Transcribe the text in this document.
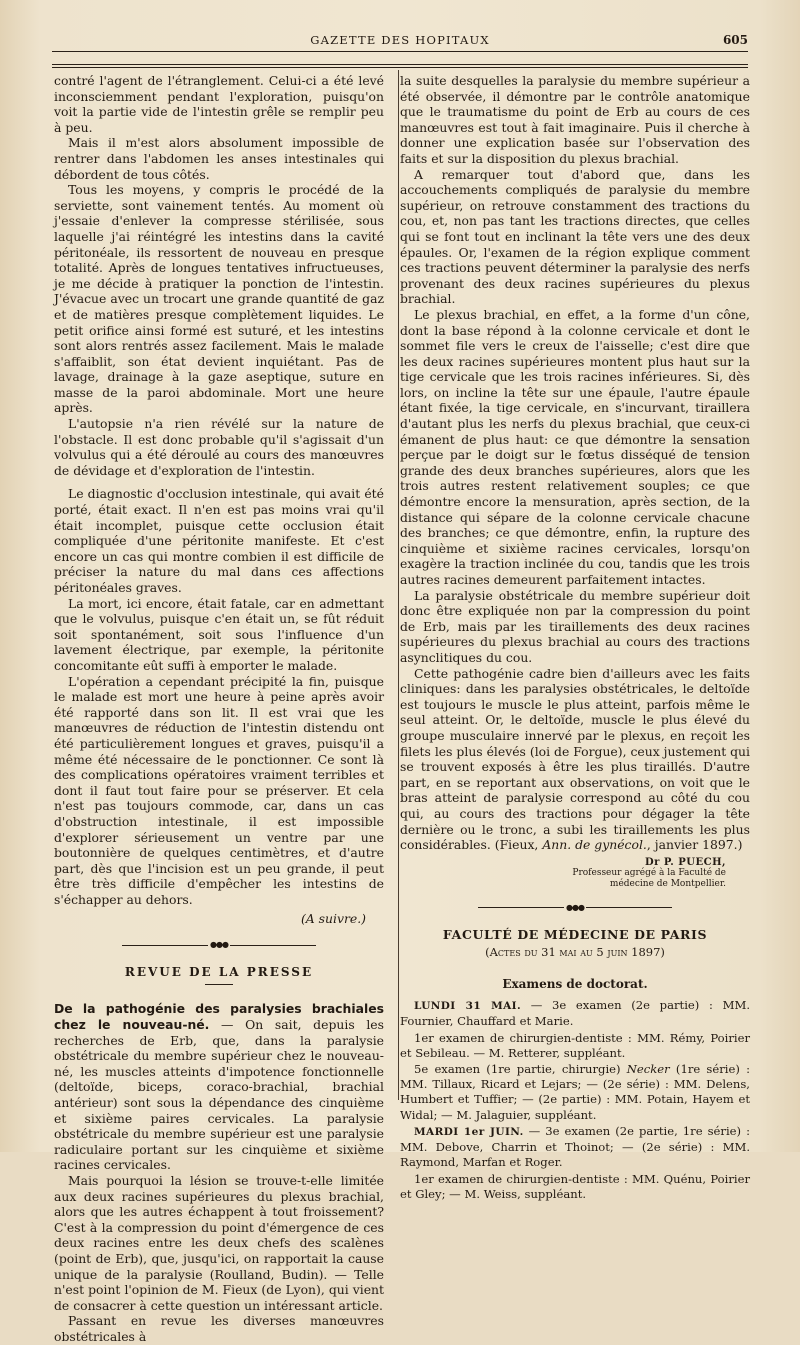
GAZETTE DES HOPITAUX	605

contré l'agent de l'étranglement. Celui-ci a été levé inconsciemment pendant l'exploration, puisqu'on voit la partie vide de l'intestin grêle se remplir peu à peu.

Mais il m'est alors absolument impossible de rentrer dans l'abdomen les anses intestinales qui débordent de tous côtés.

Tous les moyens, y compris le procédé de la serviette, sont vainement tentés. Au moment où j'essaie d'enlever la compresse stérilisée, sous laquelle j'ai réintégré les intestins dans la cavité péritonéale, ils ressortent de nouveau en presque totalité. Après de longues tentatives infructueuses, je me décide à pratiquer la ponction de l'intestin. J'évacue avec un trocart une grande quantité de gaz et de matières presque complètement liquides. Le petit orifice ainsi formé est suturé, et les intestins sont alors rentrés assez facilement. Mais le malade s'affaiblit, son état devient inquiétant. Pas de lavage, drainage à la gaze aseptique, suture en masse de la paroi abdominale. Mort une heure après.

L'autopsie n'a rien révélé sur la nature de l'obstacle. Il est donc probable qu'il s'agissait d'un volvulus qui a été déroulé au cours des manœuvres de dévidage et d'exploration de l'intestin.

Le diagnostic d'occlusion intestinale, qui avait été porté, était exact. Il n'en est pas moins vrai qu'il était incomplet, puisque cette occlusion était compliquée d'une péritonite manifeste. Et c'est encore un cas qui montre combien il est difficile de préciser la nature du mal dans ces affections péritonéales graves.

La mort, ici encore, était fatale, car en admettant que le volvulus, puisque c'en était un, se fût réduit soit spontanément, soit sous l'influence d'un lavement électrique, par exemple, la péritonite concomitante eût suffi à emporter le malade.

L'opération a cependant précipité la fin, puisque le malade est mort une heure à peine après avoir été rapporté dans son lit. Il est vrai que les manœuvres de réduction de l'intestin distendu ont été particulièrement longues et graves, puisqu'il a même été nécessaire de le ponctionner. Ce sont là des complications opératoires vraiment terribles et dont il faut tout faire pour se préserver. Et cela n'est pas toujours commode, car, dans un cas d'obstruction intestinale, il est impossible d'explorer sérieusement un ventre par une boutonnière de quelques centimètres, et d'autre part, dès que l'incision est un peu grande, il peut être très difficile d'empêcher les intestins de s'échapper au dehors.

(A suivre.)
●●●
REVUE DE LA PRESSE

De la pathogénie des paralysies brachiales chez le nouveau-né. — On sait, depuis les recherches de Erb, que, dans la paralysie obstétricale du membre supérieur chez le nouveau-né, les muscles atteints d'impotence fonctionnelle (deltoïde, biceps, coraco-brachial, brachial antérieur) sont sous la dépendance des cinquième et sixième paires cervicales. La paralysie obstétricale du membre supérieur est une paralysie radiculaire portant sur les cinquième et sixième racines cervicales.

Mais pourquoi la lésion se trouve-t-elle limitée aux deux racines supérieures du plexus brachial, alors que les autres échappent à tout froissement? C'est à la compression du point d'émergence de ces deux racines entre les deux chefs des scalènes (point de Erb), que, jusqu'ici, on rapportait la cause unique de la paralysie (Roulland, Budin). — Telle n'est point l'opinion de M. Fieux (de Lyon), qui vient de consacrer à cette question un intéressant article.

Passant en revue les diverses manœuvres obstétricales à

la suite desquelles la paralysie du membre supérieur a été observée, il démontre par le contrôle anatomique que le traumatisme du point de Erb au cours de ces manœuvres est tout à fait imaginaire. Puis il cherche à donner une explication basée sur l'observation des faits et sur la disposition du plexus brachial.

A remarquer tout d'abord que, dans les accouchements compliqués de paralysie du membre supérieur, on retrouve constamment des tractions du cou, et, non pas tant les tractions directes, que celles qui se font tout en inclinant la tête vers une des deux épaules. Or, l'examen de la région explique comment ces tractions peuvent déterminer la paralysie des nerfs provenant des deux racines supérieures du plexus brachial.

Le plexus brachial, en effet, a la forme d'un cône, dont la base répond à la colonne cervicale et dont le sommet file vers le creux de l'aisselle; c'est dire que les deux racines supérieures montent plus haut sur la tige cervicale que les trois racines inférieures. Si, dès lors, on incline la tête sur une épaule, l'autre épaule étant fixée, la tige cervicale, en s'incurvant, tiraillera d'autant plus les nerfs du plexus brachial, que ceux-ci émanent de plus haut: ce que démontre la sensation perçue par le doigt sur le fœtus disséqué de tension grande des deux branches supérieures, alors que les trois autres restent relativement souples; ce que démontre encore la mensuration, après section, de la distance qui sépare de la colonne cervicale chacune des branches; ce que démontre, enfin, la rupture des cinquième et sixième racines cervicales, lorsqu'on exagère la traction inclinée du cou, tandis que les trois autres racines demeurent parfaitement intactes.

La paralysie obstétricale du membre supérieur doit donc être expliquée non par la compression du point de Erb, mais par les tiraillements des deux racines supérieures du plexus brachial au cours des tractions asynclitiques du cou.

Cette pathogénie cadre bien d'ailleurs avec les faits cliniques: dans les paralysies obstétricales, le deltoïde est toujours le muscle le plus atteint, parfois même le seul atteint. Or, le deltoïde, muscle le plus élevé du groupe musculaire innervé par le plexus, en reçoit les filets les plus élevés (loi de Forgue), ceux justement qui se trouvent exposés à être les plus tiraillés. D'autre part, en se reportant aux observations, on voit que le bras atteint de paralysie correspond au côté du cou qui, au cours des tractions pour dégager la tête dernière ou le tronc, a subi les tiraillements les plus considérables. (Fieux, Ann. de gynécol., janvier 1897.)

Dr P. PUECH,
Professeur agrégé à la Faculté de
médecine de Montpellier.
●●●
FACULTÉ DE MÉDECINE DE PARIS
(Actes du 31 mai au 5 juin 1897)
Examens de doctorat.

LUNDI 31 MAI. — 3e examen (2e partie) : MM. Fournier, Chauffard et Marie.

1er examen de chirurgien-dentiste : MM. Rémy, Poirier et Sebileau. — M. Retterer, suppléant.

5e examen (1re partie, chirurgie) Necker (1re série) : MM. Tillaux, Ricard et Lejars; — (2e série) : MM. Delens, Humbert et Tuffier; — (2e partie) : MM. Potain, Hayem et Widal; — M. Jalaguier, suppléant.

MARDI 1er JUIN. — 3e examen (2e partie, 1re série) : MM. Debove, Charrin et Thoinot; — (2e série) : MM. Raymond, Marfan et Roger.

1er examen de chirurgien-dentiste : MM. Quénu, Poirier et Gley; — M. Weiss, suppléant.
